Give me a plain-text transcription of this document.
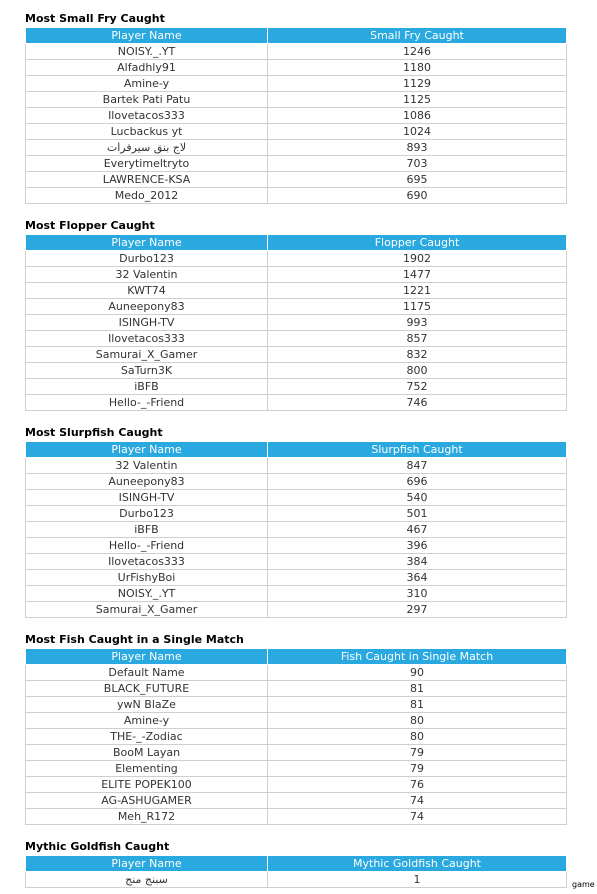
Most Small Fry Caught
Player Name	Small Fry Caught
NOISY._.YT	1246
Alfadhly91	1180
Amine-y	1129
Bartek Pati Patu	1125
Ilovetacos333	1086
Lucbackus yt	1024
لاج بنق سيرفرات	893
Everytimeltryto	703
LAWRENCE-KSA	695
Medo_2012	690
Most Flopper Caught
Player Name	Flopper Caught
Durbo123	1902
32 Valentin	1477
KWT74	1221
Auneepony83	1175
ISINGH-TV	993
Ilovetacos333	857
Samurai_X_Gamer	832
SaTurn3K	800
iBFB	752
Hello-_-Friend	746
Most Slurpfish Caught
Player Name	Slurpfish Caught
32 Valentin	847
Auneepony83	696
ISINGH-TV	540
Durbo123	501
iBFB	467
Hello-_-Friend	396
Ilovetacos333	384
UrFishyBoi	364
NOISY._.YT	310
Samurai_X_Gamer	297
Most Fish Caught in a Single Match
Player Name	Fish Caught in Single Match
Default Name	90
BLACK_FUTURE	81
ywN BlaZe	81
Amine-y	80
THE-_-Zodiac	80
BooM Layan	79
Elementing	79
ELITE POPEK100	76
AG-ASHUGAMER	74
Meh_R172	74
Mythic Goldfish Caught
Player Name	Mythic Goldfish Caught
سبنج منج	1	game
